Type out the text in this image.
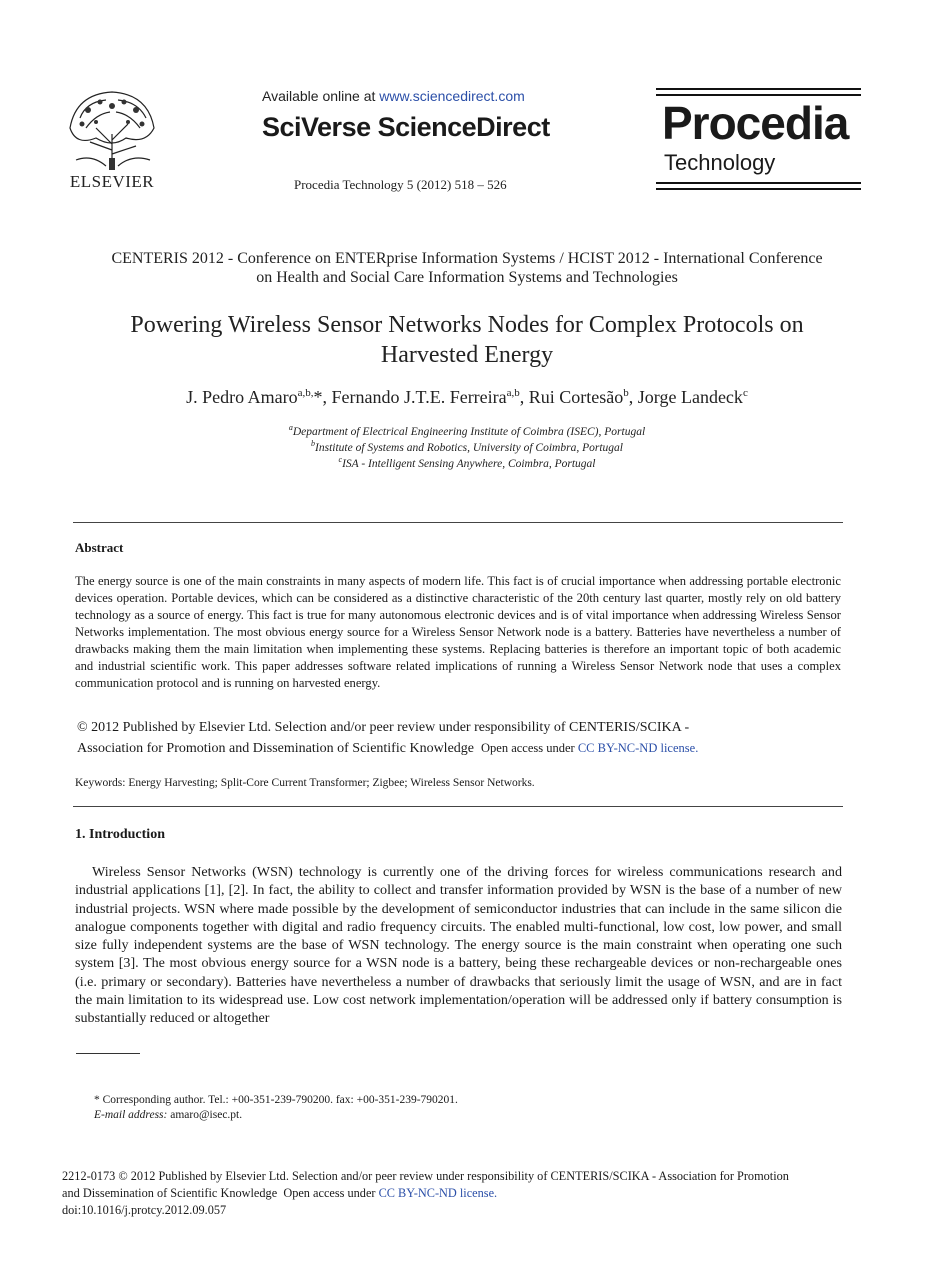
ELSEVIER
Available online at www.sciencedirect.com
SciVerse ScienceDirect
Procedia Technology 5 (2012) 518 – 526
Procedia
Technology
CENTERIS 2012 - Conference on ENTERprise Information Systems / HCIST 2012 - International Conference
on Health and Social Care Information Systems and Technologies
Powering Wireless Sensor Networks Nodes for Complex Protocols on
Harvested Energy
J. Pedro Amaro$^{a,b,}$*, Fernando J.T.E. Ferreira$^{a,b}$, Rui Cortesão$^b$, Jorge Landeck$^c$
$^a$Department of Electrical Engineering Institute of Coimbra (ISEC), Portugal
$^b$Institute of Systems and Robotics, University of Coimbra, Portugal
$^c$ISA - Intelligent Sensing Anywhere, Coimbra, Portugal
Abstract
The energy source is one of the main constraints in many aspects of modern life. This fact is of crucial importance when addressing portable electronic devices operation. Portable devices, which can be considered as a distinctive characteristic of the 20th century last quarter, mostly rely on old battery technology as a source of energy. This fact is true for many autonomous electronic devices and is of vital importance when addressing Wireless Sensor Networks implementation. The most obvious energy source for a Wireless Sensor Network node is a battery. Batteries have nevertheless a number of drawbacks making them the main limitation when implementing these systems. Replacing batteries is therefore an important topic of both academic and industrial scientific work. This paper addresses software related implications of running a Wireless Sensor Network node that uses a complex communication protocol and is running on harvested energy.
© 2012 Published by Elsevier Ltd. Selection and/or peer review under responsibility of CENTERIS/SCIKA -
Association for Promotion and Dissemination of Scientific Knowledge Open access under CC BY-NC-ND license.
Keywords: Energy Harvesting; Split-Core Current Transformer; Zigbee; Wireless Sensor Networks.
1. Introduction
Wireless Sensor Networks (WSN) technology is currently one of the driving forces for wireless communications research and industrial applications [1], [2]. In fact, the ability to collect and transfer information provided by WSN is the base of a number of new industrial projects. WSN where made possible by the development of semiconductor industries that can include in the same silicon die analogue components together with digital and radio frequency circuits. The enabled multi-functional, low cost, low power, and small size fully independent systems are the base of WSN technology. The energy source is the main constraint when operating one such system [3]. The most obvious energy source for a WSN node is a battery, being these rechargeable devices or non-rechargeable ones (i.e. primary or secondary). Batteries have nevertheless a number of drawbacks that seriously limit the usage of WSN, and are in fact the main limitation to its widespread use. Low cost network implementation/operation will be addressed only if battery consumption is substantially reduced or altogether
* Corresponding author. Tel.: +00-351-239-790200. fax: +00-351-239-790201.
E-mail address: amaro@isec.pt.
2212-0173 © 2012 Published by Elsevier Ltd. Selection and/or peer review under responsibility of CENTERIS/SCIKA - Association for Promotion
and Dissemination of Scientific Knowledge Open access under CC BY-NC-ND license.
doi:10.1016/j.protcy.2012.09.057
